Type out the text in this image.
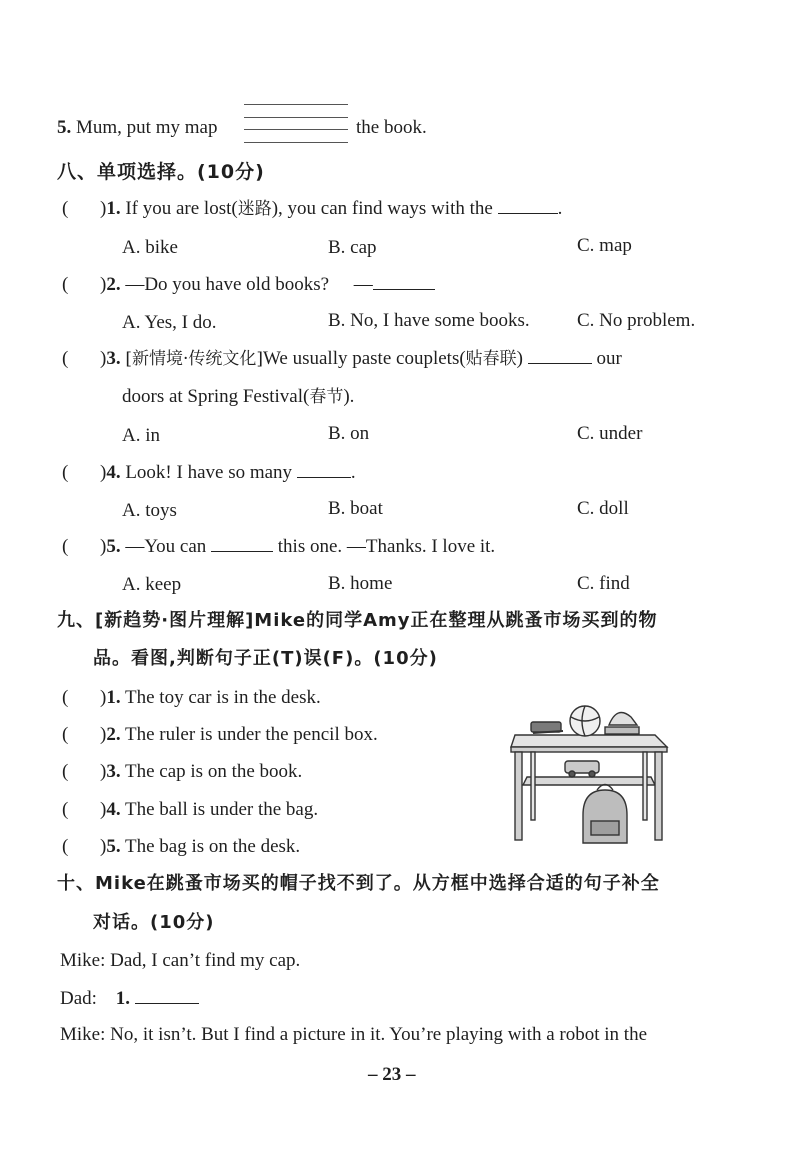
5. Mum, put my map	the book.
八、单项选择。(10分)
( )1. If you are lost(迷路), you can find ways with the	.
A. bike	B. cap	C. map
( )2. —Do you have old books? —
A. Yes, I do.	B. No, I have some books. C. No problem.
( )3. [新情境·传统文化]We usually paste couplets(贴春联)	our
doors at Spring Festival(春节).
A. in	B. on	C. under
( )4. Look! I have so many	.
A. toys	B. boat	C. doll
( )5. —You can	this one. —Thanks. I love it.
A. keep	B. home	C. find
九、[新趋势·图片理解]Mike的同学Amy正在整理从跳蚤市场买到的物
品。看图,判断句子正(T)误(F)。(10分)
( )1. The toy car is in the desk.
( )2. The ruler is under the pencil box.
( )3. The cap is on the book.
( )4. The ball is under the bag.
( )5. The bag is on the desk.
十、Mike在跳蚤市场买的帽子找不到了。从方框中选择合适的句子补全
对话。(10分)
Mike: Dad, I can’t find my cap.
Dad: 1.
Mike: No, it isn’t. But I find a picture in it. You’re playing with a robot in the
– 23 –
